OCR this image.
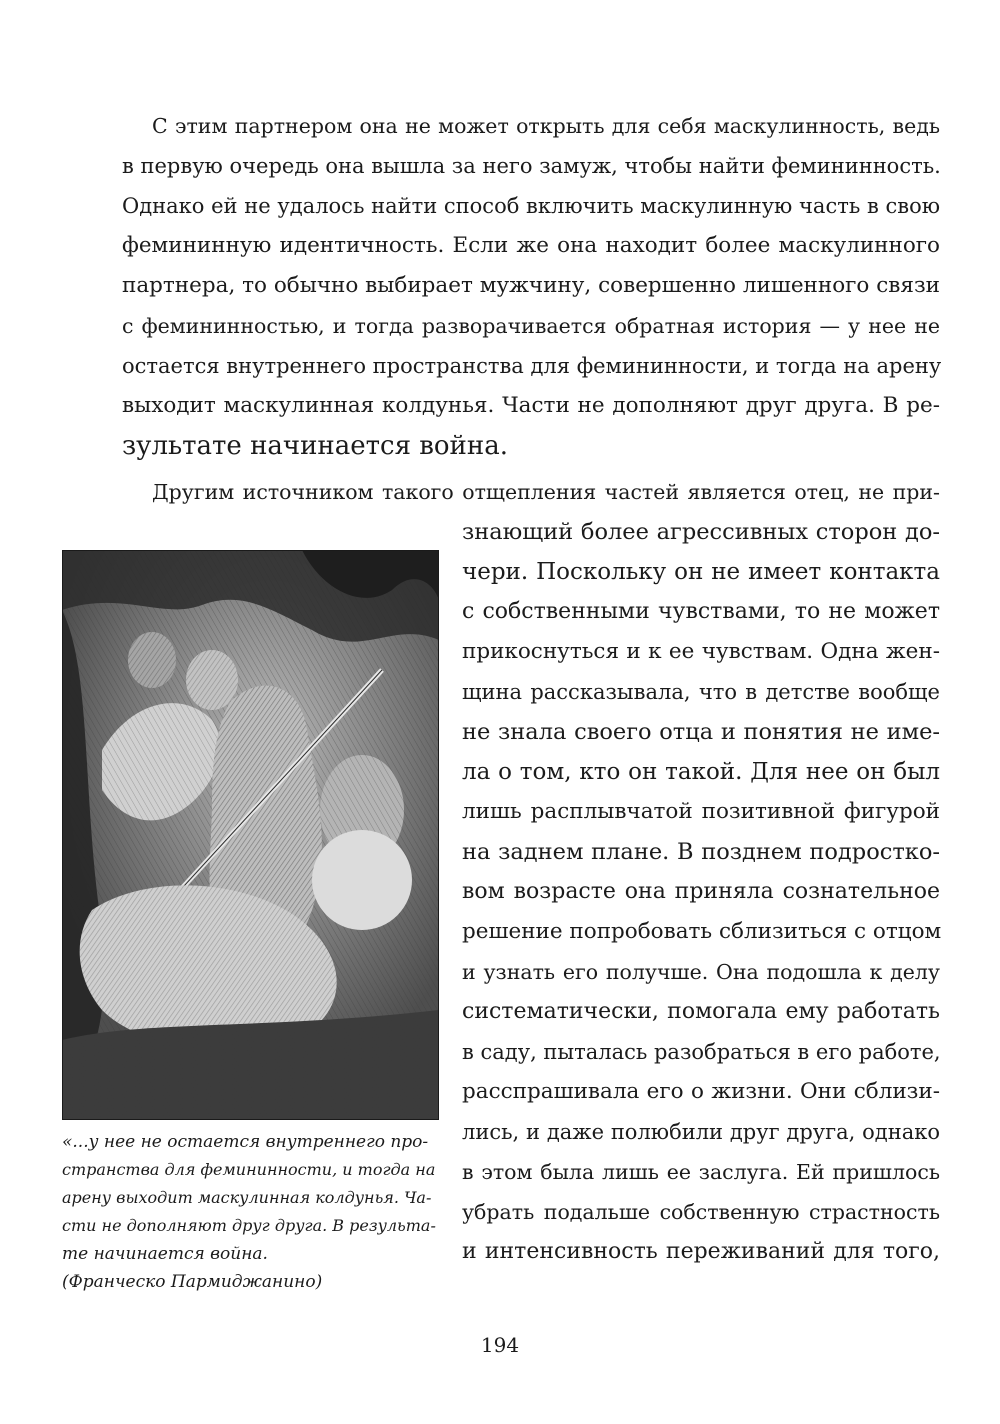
С этим партнером она не может открыть для себя маскулинность, ведь
в первую очередь она вышла за него замуж, чтобы найти фемининность.
Однако ей не удалось найти способ включить маскулинную часть в свою
фемининную идентичность. Если же она находит более маскулинного
партнера, то обычно выбирает мужчину, совершенно лишенного связи
с фемининностью, и тогда разворачивается обратная история — у нее не
остается внутреннего пространства для фемининности, и тогда на арену
выходит маскулинная колдунья. Части не дополняют друг друга. В ре-
зультате начинается война.
Другим источником такого отщепления частей является отец, не при-
знающий более агрессивных сторон до-
чери. Поскольку он не имеет контакта
с собственными чувствами, то не может
прикоснуться и к ее чувствам. Одна жен-
щина рассказывала, что в детстве вообще
не знала своего отца и понятия не име-
ла о том, кто он такой. Для нее он был
лишь расплывчатой позитивной фигурой
на заднем плане. В позднем подростко-
вом возрасте она приняла сознательное
решение попробовать сблизиться с отцом
и узнать его получше. Она подошла к делу
систематически, помогала ему работать
в саду, пыталась разобраться в его работе,
расспрашивала его о жизни. Они сблизи-
лись, и даже полюбили друг друга, однако
в этом была лишь ее заслуга. Ей пришлось
убрать подальше собственную страстность
и интенсивность переживаний для того,
«...у нее не остается внутреннего про-
странства для фемининности, и тогда на
арену выходит маскулинная колдунья. Ча-
сти не дополняют друг друга. В результа-
те начинается война.
(Франческо Пармиджанино)
194
